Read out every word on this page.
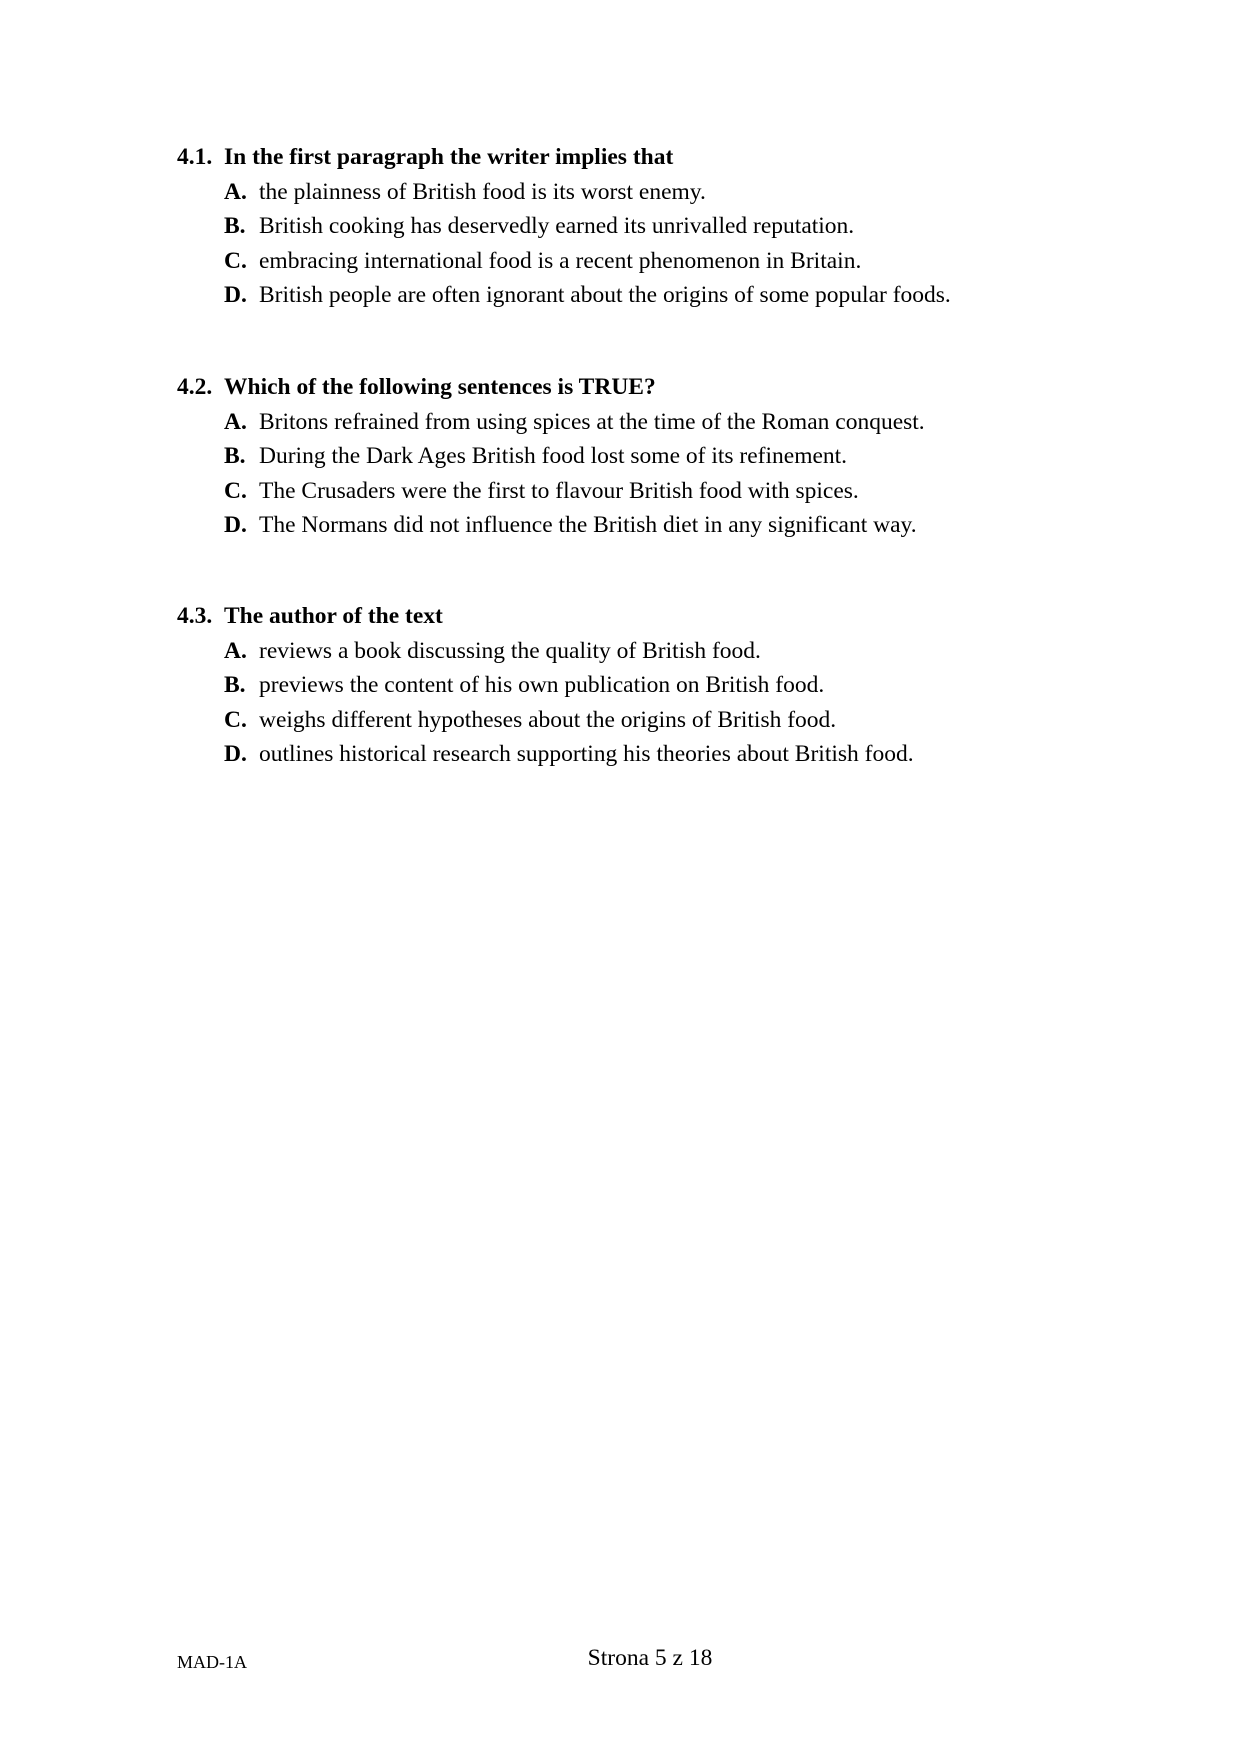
4.1. In the first paragraph the writer implies that
A. the plainness of British food is its worst enemy.
B. British cooking has deservedly earned its unrivalled reputation.
C. embracing international food is a recent phenomenon in Britain.
D. British people are often ignorant about the origins of some popular foods.
4.2. Which of the following sentences is TRUE?
A. Britons refrained from using spices at the time of the Roman conquest.
B. During the Dark Ages British food lost some of its refinement.
C. The Crusaders were the first to flavour British food with spices.
D. The Normans did not influence the British diet in any significant way.
4.3. The author of the text
A. reviews a book discussing the quality of British food.
B. previews the content of his own publication on British food.
C. weighs different hypotheses about the origins of British food.
D. outlines historical research supporting his theories about British food.
MAD-1A	Strona 5 z 18
